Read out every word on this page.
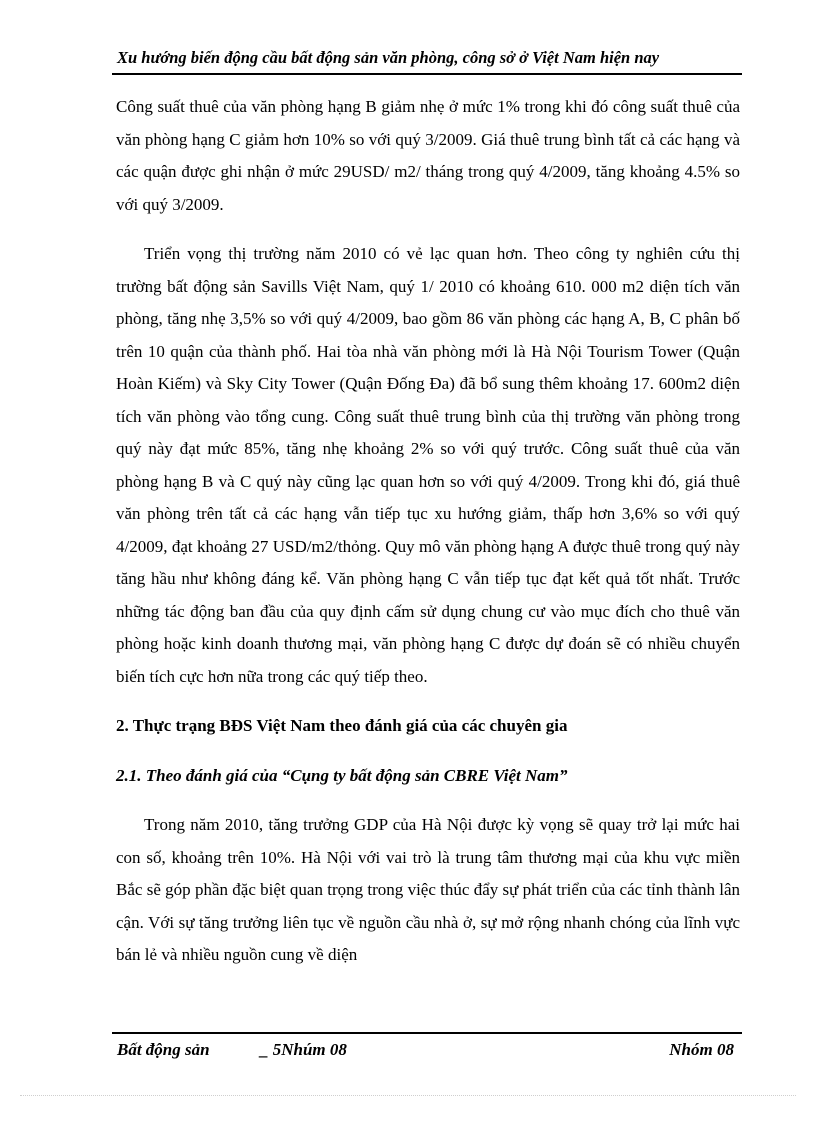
Xu hướng biến động cầu bất động sản văn phòng, công sở ở Việt Nam hiện nay

Công suất thuê của văn phòng hạng B giảm nhẹ ở mức 1% trong khi đó công suất thuê của văn phòng hạng C giảm hơn 10% so với quý 3/2009. Giá thuê trung bình tất cả các hạng và các quận được ghi nhận ở mức 29USD/ m2/ tháng trong quý 4/2009, tăng khoảng 4.5% so với quý 3/2009.

Triển vọng thị trường năm 2010 có vẻ lạc quan hơn. Theo công ty nghiên cứu thị trường bất động sản Savills Việt Nam, quý 1/ 2010 có khoảng 610. 000 m2 diện tích văn phòng, tăng nhẹ 3,5% so với quý 4/2009, bao gồm 86 văn phòng các hạng A, B, C phân bố trên 10 quận của thành phố. Hai tòa nhà văn phòng mới là Hà Nội Tourism Tower (Quận Hoàn Kiếm) và Sky City Tower (Quận Đống Đa) đã bổ sung thêm khoảng 17. 600m2 diện tích văn phòng vào tổng cung. Công suất thuê trung bình của thị trường văn phòng trong quý này đạt mức 85%, tăng nhẹ khoảng 2% so với quý trước. Công suất thuê của văn phòng hạng B và C quý này cũng lạc quan hơn so với quý 4/2009. Trong khi đó, giá thuê văn phòng trên tất cả các hạng vẫn tiếp tục xu hướng giảm, thấp hơn 3,6% so với quý 4/2009, đạt khoảng 27 USD/m2/thỏng. Quy mô văn phòng hạng A được thuê trong quý này tăng hầu như không đáng kể. Văn phòng hạng C vẫn tiếp tục đạt kết quả tốt nhất. Trước những tác động ban đầu của quy định cấm sử dụng chung cư vào mục đích cho thuê văn phòng hoặc kinh doanh thương mại, văn phòng hạng C được dự đoán sẽ có nhiều chuyển biến tích cực hơn nữa trong các quý tiếp theo.

2. Thực trạng BĐS Việt Nam theo đánh giá của các chuyên gia

2.1. Theo đánh giá của “Cụng ty bất động sản CBRE Việt Nam”

Trong năm 2010, tăng trưởng GDP của Hà Nội được kỳ vọng sẽ quay trở lại mức hai con số, khoảng trên 10%. Hà Nội với vai trò là trung tâm thương mại của khu vực miền Bắc sẽ góp phần đặc biệt quan trọng trong việc thúc đẩy sự phát triển của các tỉnh thành lân cận. Với sự tăng trưởng liên tục về nguồn cầu nhà ở, sự mở rộng nhanh chóng của lĩnh vực bán lẻ và nhiều nguồn cung về diện

Bất động sản	_ 5Nhúm 08	Nhóm 08
